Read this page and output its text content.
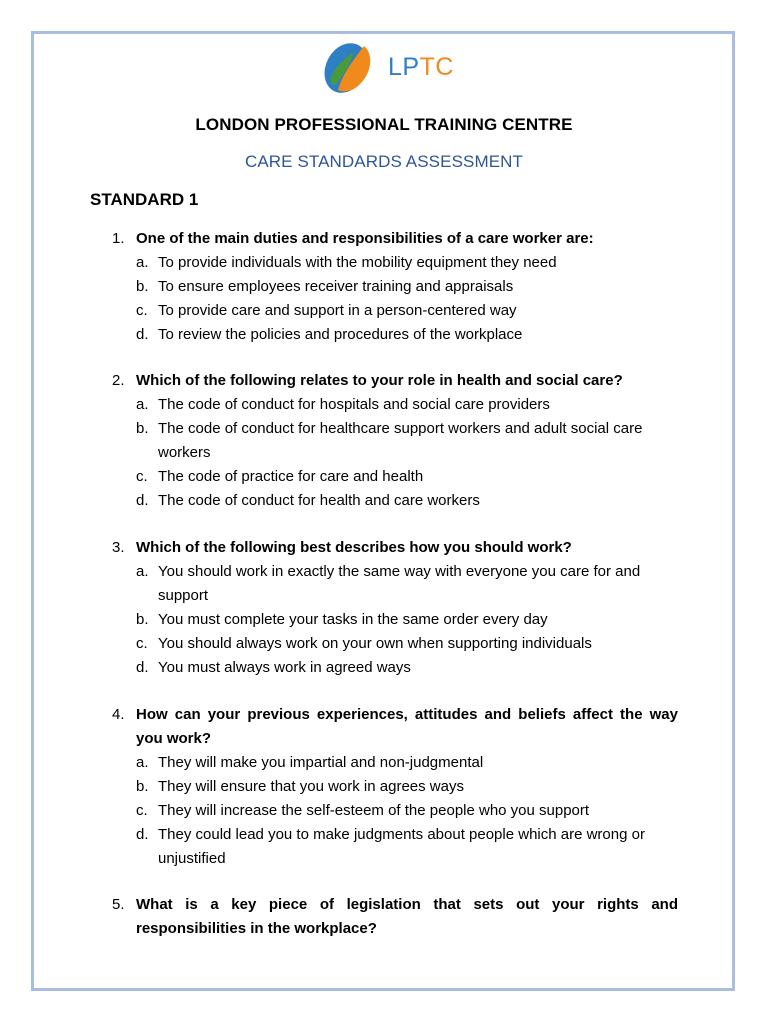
LPTC
LONDON PROFESSIONAL TRAINING CENTRE
CARE STANDARDS ASSESSMENT
STANDARD 1
1. One of the main duties and responsibilities of a care worker are:
a. To provide individuals with the mobility equipment they need
b. To ensure employees receiver training and appraisals
c. To provide care and support in a person-centered way
d. To review the policies and procedures of the workplace
2. Which of the following relates to your role in health and social care?
a. The code of conduct for hospitals and social care providers
b. The code of conduct for healthcare support workers and adult social care workers
c. The code of practice for care and health
d. The code of conduct for health and care workers
3. Which of the following best describes how you should work?
a. You should work in exactly the same way with everyone you care for and support
b. You must complete your tasks in the same order every day
c. You should always work on your own when supporting individuals
d. You must always work in agreed ways
4. How can your previous experiences, attitudes and beliefs affect the way you work?
a. They will make you impartial and non-judgmental
b. They will ensure that you work in agrees ways
c. They will increase the self-esteem of the people who you support
d. They could lead you to make judgments about people which are wrong or unjustified
5. What is a key piece of legislation that sets out your rights and responsibilities in the workplace?
